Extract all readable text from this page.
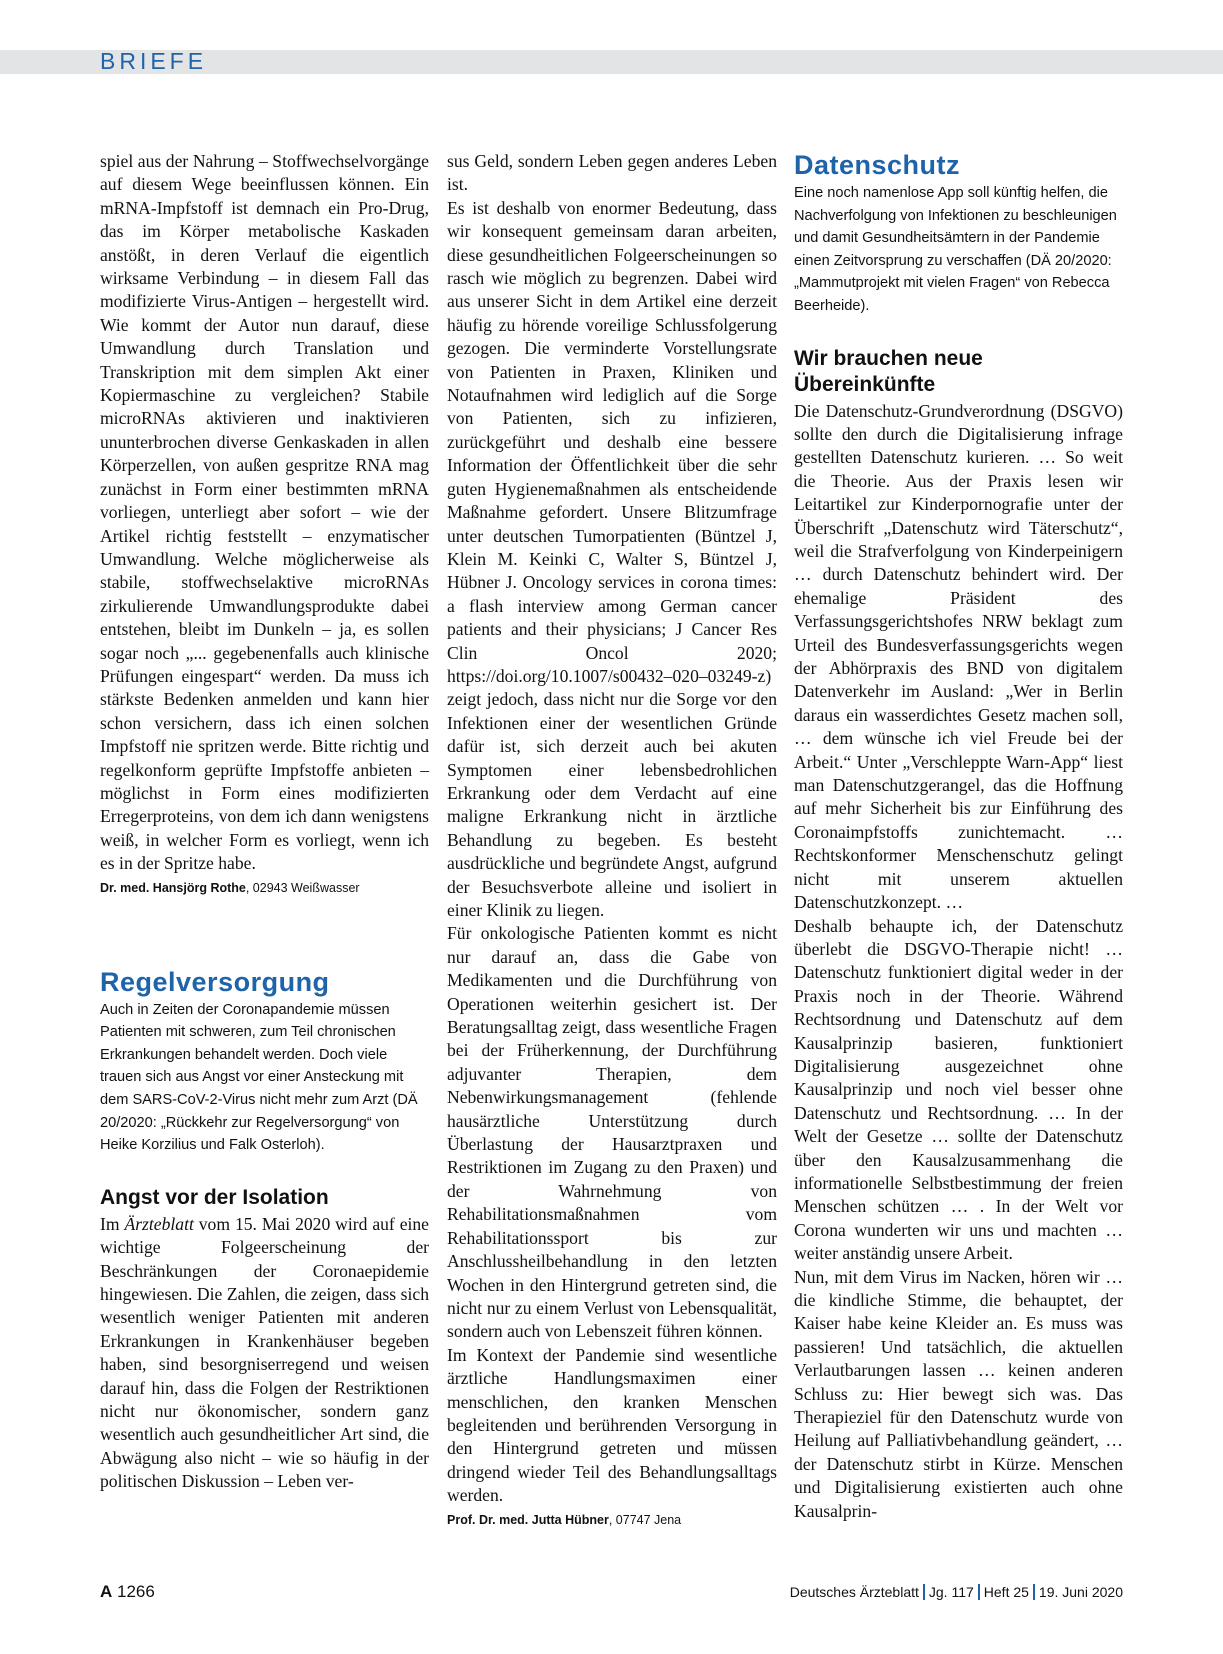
BRIEFE

spiel aus der Nahrung – Stoffwechselvorgänge auf diesem Wege beeinflussen können. Ein mRNA-Impfstoff ist demnach ein Pro-Drug, das im Körper metabolische Kaskaden anstößt, in deren Verlauf die eigentlich wirksame Verbindung – in diesem Fall das modifizierte Virus-Antigen – hergestellt wird. Wie kommt der Autor nun darauf, diese Umwandlung durch Translation und Transkription mit dem simplen Akt einer Kopiermaschine zu vergleichen? Stabile microRNAs aktivieren und inaktivieren ununterbrochen diverse Genkaskaden in allen Körperzellen, von außen gespritze RNA mag zunächst in Form einer bestimmten mRNA vorliegen, unterliegt aber sofort – wie der Artikel richtig feststellt – enzymatischer Umwandlung. Welche möglicherweise als stabile, stoffwechselaktive microRNAs zirkulierende Umwandlungsprodukte dabei entstehen, bleibt im Dunkeln – ja, es sollen sogar noch „... gegebenenfalls auch klinische Prüfungen eingespart“ werden. Da muss ich stärkste Bedenken anmelden und kann hier schon versichern, dass ich einen solchen Impfstoff nie spritzen werde. Bitte richtig und regelkonform geprüfte Impfstoffe anbieten – möglichst in Form eines modifizierten Erregerproteins, von dem ich dann wenigstens weiß, in welcher Form es vorliegt, wenn ich es in der Spritze habe.

Dr. med. Hansjörg Rothe, 02943 Weißwasser
Regelversorgung

Auch in Zeiten der Coronapandemie müssen Patienten mit schweren, zum Teil chronischen Erkrankungen behandelt werden. Doch viele trauen sich aus Angst vor einer Ansteckung mit dem SARS-CoV-2-Virus nicht mehr zum Arzt (DÄ 20/2020: „Rückkehr zur Regelversorgung“ von Heike Korzilius und Falk Osterloh).

Angst vor der Isolation

Im Ärzteblatt vom 15. Mai 2020 wird auf eine wichtige Folgeerscheinung der Beschränkungen der Coronaepidemie hingewiesen. Die Zahlen, die zeigen, dass sich wesentlich weniger Patienten mit anderen Erkrankungen in Krankenhäuser begeben haben, sind besorgniserregend und weisen darauf hin, dass die Folgen der Restriktionen nicht nur ökonomischer, sondern ganz wesentlich auch gesundheitlicher Art sind, die Abwägung also nicht – wie so häufig in der politischen Diskussion – Leben ver-

sus Geld, sondern Leben gegen anderes Leben ist.

Es ist deshalb von enormer Bedeutung, dass wir konsequent gemeinsam daran arbeiten, diese gesundheitlichen Folgeerscheinungen so rasch wie möglich zu begrenzen. Dabei wird aus unserer Sicht in dem Artikel eine derzeit häufig zu hörende voreilige Schlussfolgerung gezogen. Die verminderte Vorstellungsrate von Patienten in Praxen, Kliniken und Notaufnahmen wird lediglich auf die Sorge von Patienten, sich zu infizieren, zurückgeführt und deshalb eine bessere Information der Öffentlichkeit über die sehr guten Hygienemaßnahmen als entscheidende Maßnahme gefordert. Unsere Blitzumfrage unter deutschen Tumorpatienten (Büntzel J, Klein M. Keinki C, Walter S, Büntzel J, Hübner J. Oncology services in corona times: a flash interview among German cancer patients and their physicians; J Cancer Res Clin Oncol 2020; https://doi.org/10.1007/s00432–020–03249-z) zeigt jedoch, dass nicht nur die Sorge vor den Infektionen einer der wesentlichen Gründe dafür ist, sich derzeit auch bei akuten Symptomen einer lebensbedrohlichen Erkrankung oder dem Verdacht auf eine maligne Erkrankung nicht in ärztliche Behandlung zu begeben. Es besteht ausdrückliche und begründete Angst, aufgrund der Besuchsverbote alleine und isoliert in einer Klinik zu liegen.

Für onkologische Patienten kommt es nicht nur darauf an, dass die Gabe von Medikamenten und die Durchführung von Operationen weiterhin gesichert ist. Der Beratungsalltag zeigt, dass wesentliche Fragen bei der Früherkennung, der Durchführung adjuvanter Therapien, dem Nebenwirkungsmanagement (fehlende hausärztliche Unterstützung durch Überlastung der Hausarztpraxen und Restriktionen im Zugang zu den Praxen) und der Wahrnehmung von Rehabilitationsmaßnahmen vom Rehabilitationssport bis zur Anschlussheilbehandlung in den letzten Wochen in den Hintergrund getreten sind, die nicht nur zu einem Verlust von Lebensqualität, sondern auch von Lebenszeit führen können.

Im Kontext der Pandemie sind wesentliche ärztliche Handlungsmaximen einer menschlichen, den kranken Menschen begleitenden und berührenden Versorgung in den Hintergrund getreten und müssen dringend wieder Teil des Behandlungsalltags werden.

Prof. Dr. med. Jutta Hübner, 07747 Jena
Datenschutz

Eine noch namenlose App soll künftig helfen, die Nachverfolgung von Infektionen zu beschleunigen und damit Gesundheitsämtern in der Pandemie einen Zeitvorsprung zu verschaffen (DÄ 20/2020: „Mammutprojekt mit vielen Fragen“ von Rebecca Beerheide).

Wir brauchen neue Übereinkünfte

Die Datenschutz-Grundverordnung (DSGVO) sollte den durch die Digitalisierung infrage gestellten Datenschutz kurieren. … So weit die Theorie. Aus der Praxis lesen wir Leitartikel zur Kinderpornografie unter der Überschrift „Datenschutz wird Täterschutz“, weil die Strafverfolgung von Kinderpeinigern … durch Datenschutz behindert wird. Der ehemalige Präsident des Verfassungsgerichtshofes NRW beklagt zum Urteil des Bundesverfassungsgerichts wegen der Abhörpraxis des BND von digitalem Datenverkehr im Ausland: „Wer in Berlin daraus ein wasserdichtes Gesetz machen soll, … dem wünsche ich viel Freude bei der Arbeit.“ Unter „Verschleppte Warn-App“ liest man Datenschutzgerangel, das die Hoffnung auf mehr Sicherheit bis zur Einführung des Coronaimpfstoffs zunichtemacht. … Rechtskonformer Menschenschutz gelingt nicht mit unserem aktuellen Datenschutzkonzept. …

Deshalb behaupte ich, der Datenschutz überlebt die DSGVO-Therapie nicht! … Datenschutz funktioniert digital weder in der Praxis noch in der Theorie. Während Rechtsordnung und Datenschutz auf dem Kausalprinzip basieren, funktioniert Digitalisierung ausgezeichnet ohne Kausalprinzip und noch viel besser ohne Datenschutz und Rechtsordnung. … In der Welt der Gesetze … sollte der Datenschutz über den Kausalzusammenhang die informationelle Selbstbestimmung der freien Menschen schützen … . In der Welt vor Corona wunderten wir uns und machten … weiter anständig unsere Arbeit.

Nun, mit dem Virus im Nacken, hören wir … die kindliche Stimme, die behauptet, der Kaiser habe keine Kleider an. Es muss was passieren! Und tatsächlich, die aktuellen Verlautbarungen lassen … keinen anderen Schluss zu: Hier bewegt sich was. Das Therapieziel für den Datenschutz wurde von Heilung auf Palliativbehandlung geändert, … der Datenschutz stirbt in Kürze. Menschen und Digitalisierung existierten auch ohne Kausalprin-

A 1266	Deutsches Ärzteblatt Jg. 117 Heft 25 19. Juni 2020
